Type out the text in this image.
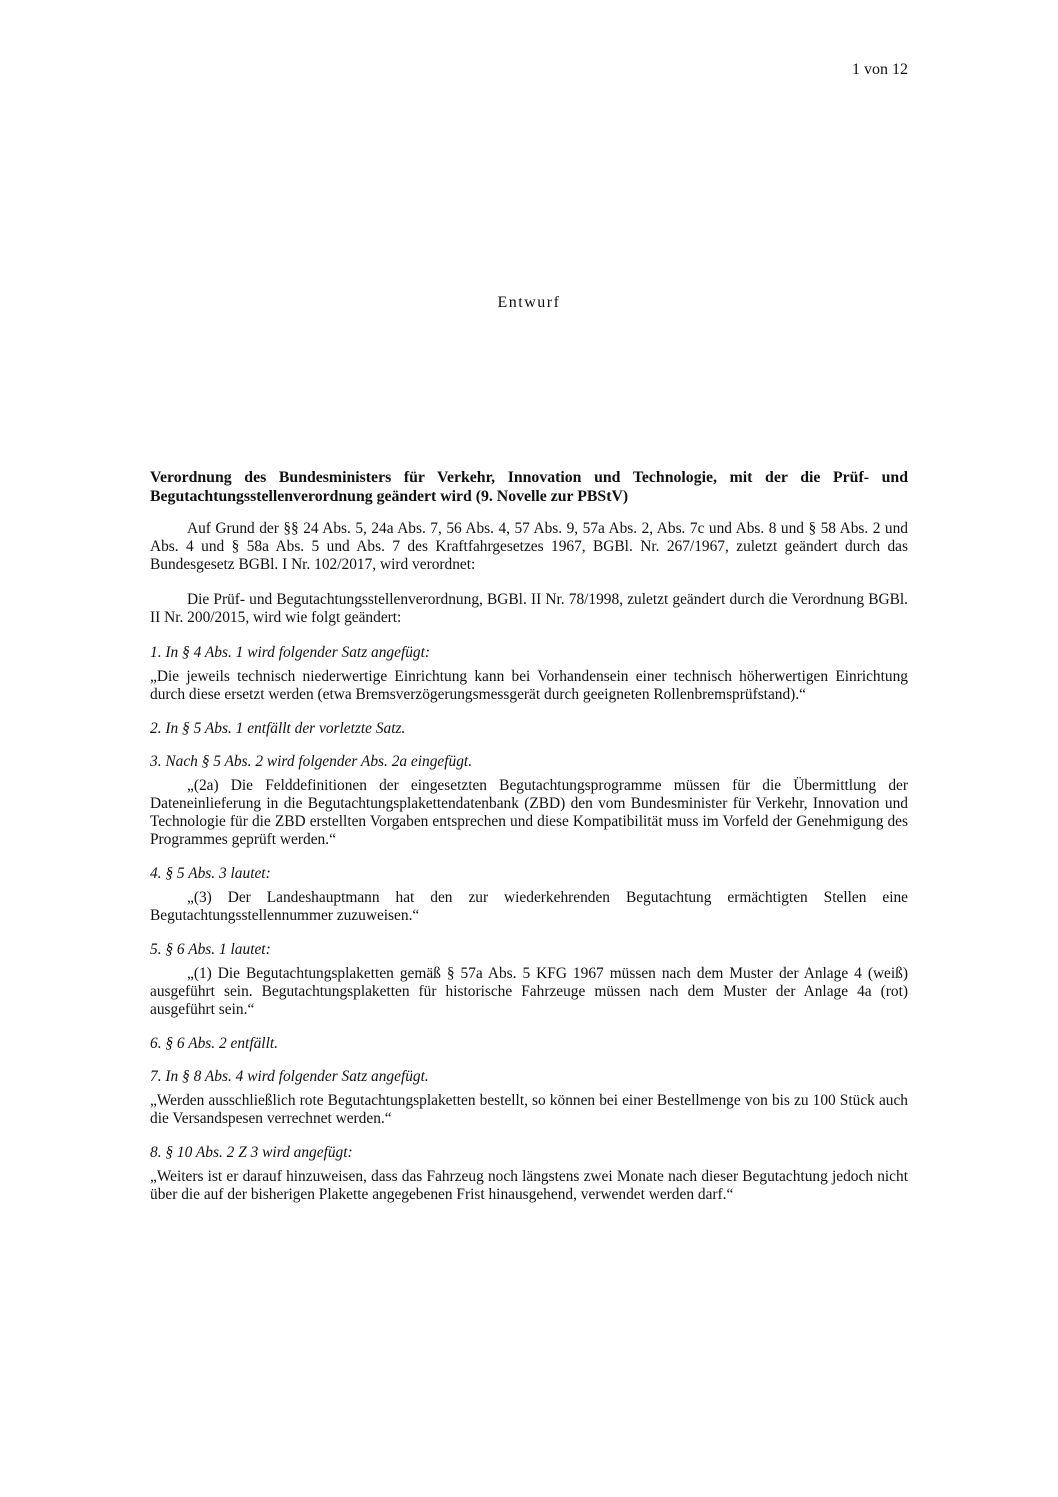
1 von 12
Entwurf

Verordnung des Bundesministers für Verkehr, Innovation und Technologie, mit der die Prüf- und Begutachtungsstellenverordnung geändert wird (9. Novelle zur PBStV)

Auf Grund der §§ 24 Abs. 5, 24a Abs. 7, 56 Abs. 4, 57 Abs. 9, 57a Abs. 2, Abs. 7c und Abs. 8 und § 58 Abs. 2 und Abs. 4 und § 58a Abs. 5 und Abs. 7 des Kraftfahrgesetzes 1967, BGBl. Nr. 267/1967, zuletzt geändert durch das Bundesgesetz BGBl. I Nr. 102/2017, wird verordnet:

Die Prüf- und Begutachtungsstellenverordnung, BGBl. II Nr. 78/1998, zuletzt geändert durch die Verordnung BGBl. II Nr. 200/2015, wird wie folgt geändert:

1. In § 4 Abs. 1 wird folgender Satz angefügt:

„Die jeweils technisch niederwertige Einrichtung kann bei Vorhandensein einer technisch höherwertigen Einrichtung durch diese ersetzt werden (etwa Bremsverzögerungsmessgerät durch geeigneten Rollenbremsprüfstand).“

2. In § 5 Abs. 1 entfällt der vorletzte Satz.

3. Nach § 5 Abs. 2 wird folgender Abs. 2a eingefügt.

„(2a) Die Felddefinitionen der eingesetzten Begutachtungsprogramme müssen für die Übermittlung der Dateneinlieferung in die Begutachtungsplakettendatenbank (ZBD) den vom Bundesminister für Verkehr, Innovation und Technologie für die ZBD erstellten Vorgaben entsprechen und diese Kompatibilität muss im Vorfeld der Genehmigung des Programmes geprüft werden.“

4. § 5 Abs. 3 lautet:

„(3) Der Landeshauptmann hat den zur wiederkehrenden Begutachtung ermächtigten Stellen eine Begutachtungsstellennummer zuzuweisen.“

5. § 6 Abs. 1 lautet:

„(1) Die Begutachtungsplaketten gemäß § 57a Abs. 5 KFG 1967 müssen nach dem Muster der Anlage 4 (weiß) ausgeführt sein. Begutachtungsplaketten für historische Fahrzeuge müssen nach dem Muster der Anlage 4a (rot) ausgeführt sein.“

6. § 6 Abs. 2 entfällt.

7. In § 8 Abs. 4 wird folgender Satz angefügt.

„Werden ausschließlich rote Begutachtungsplaketten bestellt, so können bei einer Bestellmenge von bis zu 100 Stück auch die Versandspesen verrechnet werden.“

8. § 10 Abs. 2 Z 3 wird angefügt:

„Weiters ist er darauf hinzuweisen, dass das Fahrzeug noch längstens zwei Monate nach dieser Begutachtung jedoch nicht über die auf der bisherigen Plakette angegebenen Frist hinausgehend, verwendet werden darf.“
